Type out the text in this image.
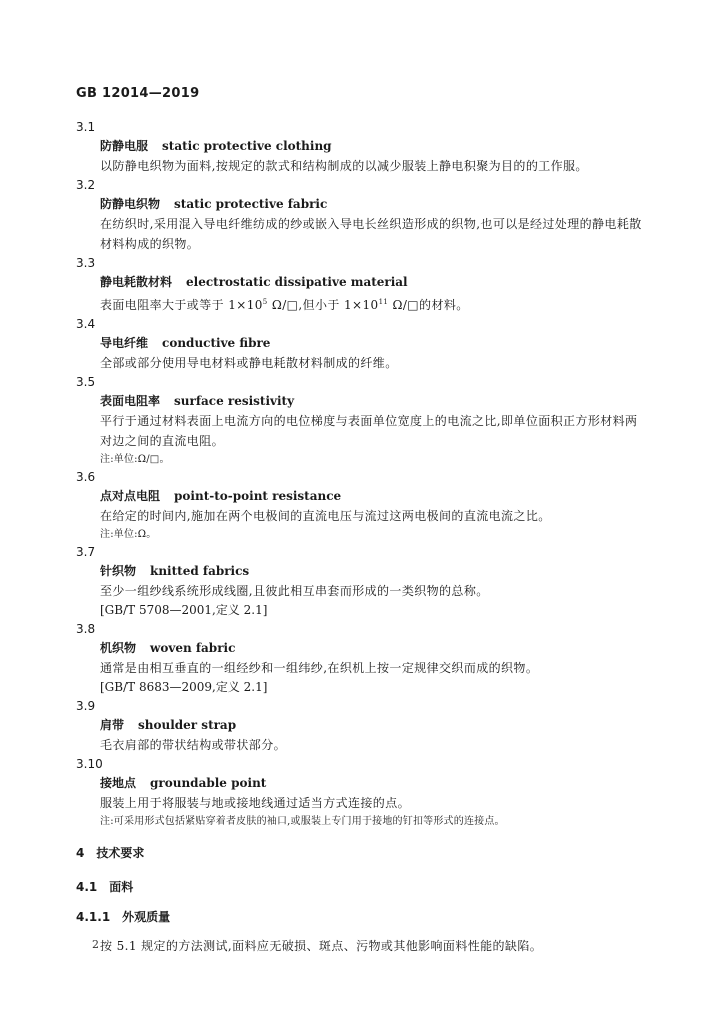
GB 12014—2019
3.1
防静电服 static protective clothing
以防静电织物为面料,按规定的款式和结构制成的以减少服装上静电积聚为目的的工作服。
3.2
防静电织物 static protective fabric
在纺织时,采用混入导电纤维纺成的纱或嵌入导电长丝织造形成的织物,也可以是经过处理的静电耗散材料构成的织物。
3.3
静电耗散材料 electrostatic dissipative material
表面电阻率大于或等于 $1\times 10^5$ Ω/□,但小于 $1\times 10^{11}$ Ω/□的材料。
3.4
导电纤维 conductive fibre
全部或部分使用导电材料或静电耗散材料制成的纤维。
3.5
表面电阻率 surface resistivity
平行于通过材料表面上电流方向的电位梯度与表面单位宽度上的电流之比,即单位面积正方形材料两对边之间的直流电阻。
注:单位:Ω/□。
3.6
点对点电阻 point-to-point resistance
在给定的时间内,施加在两个电极间的直流电压与流过这两电极间的直流电流之比。
注:单位:Ω。
3.7
针织物 knitted fabrics
至少一组纱线系统形成线圈,且彼此相互串套而形成的一类织物的总称。
[GB/T 5708—2001,定义 2.1]
3.8
机织物 woven fabric
通常是由相互垂直的一组经纱和一组纬纱,在织机上按一定规律交织而成的织物。
[GB/T 8683—2009,定义 2.1]
3.9
肩带 shoulder strap
毛衣肩部的带状结构或带状部分。
3.10
接地点 groundable point
服装上用于将服装与地或接地线通过适当方式连接的点。
注:可采用形式包括紧贴穿着者皮肤的袖口,或服装上专门用于接地的钉扣等形式的连接点。
4 技术要求
4.1 面料
4.1.1 外观质量
按 5.1 规定的方法测试,面料应无破损、斑点、污物或其他影响面料性能的缺陷。
2
